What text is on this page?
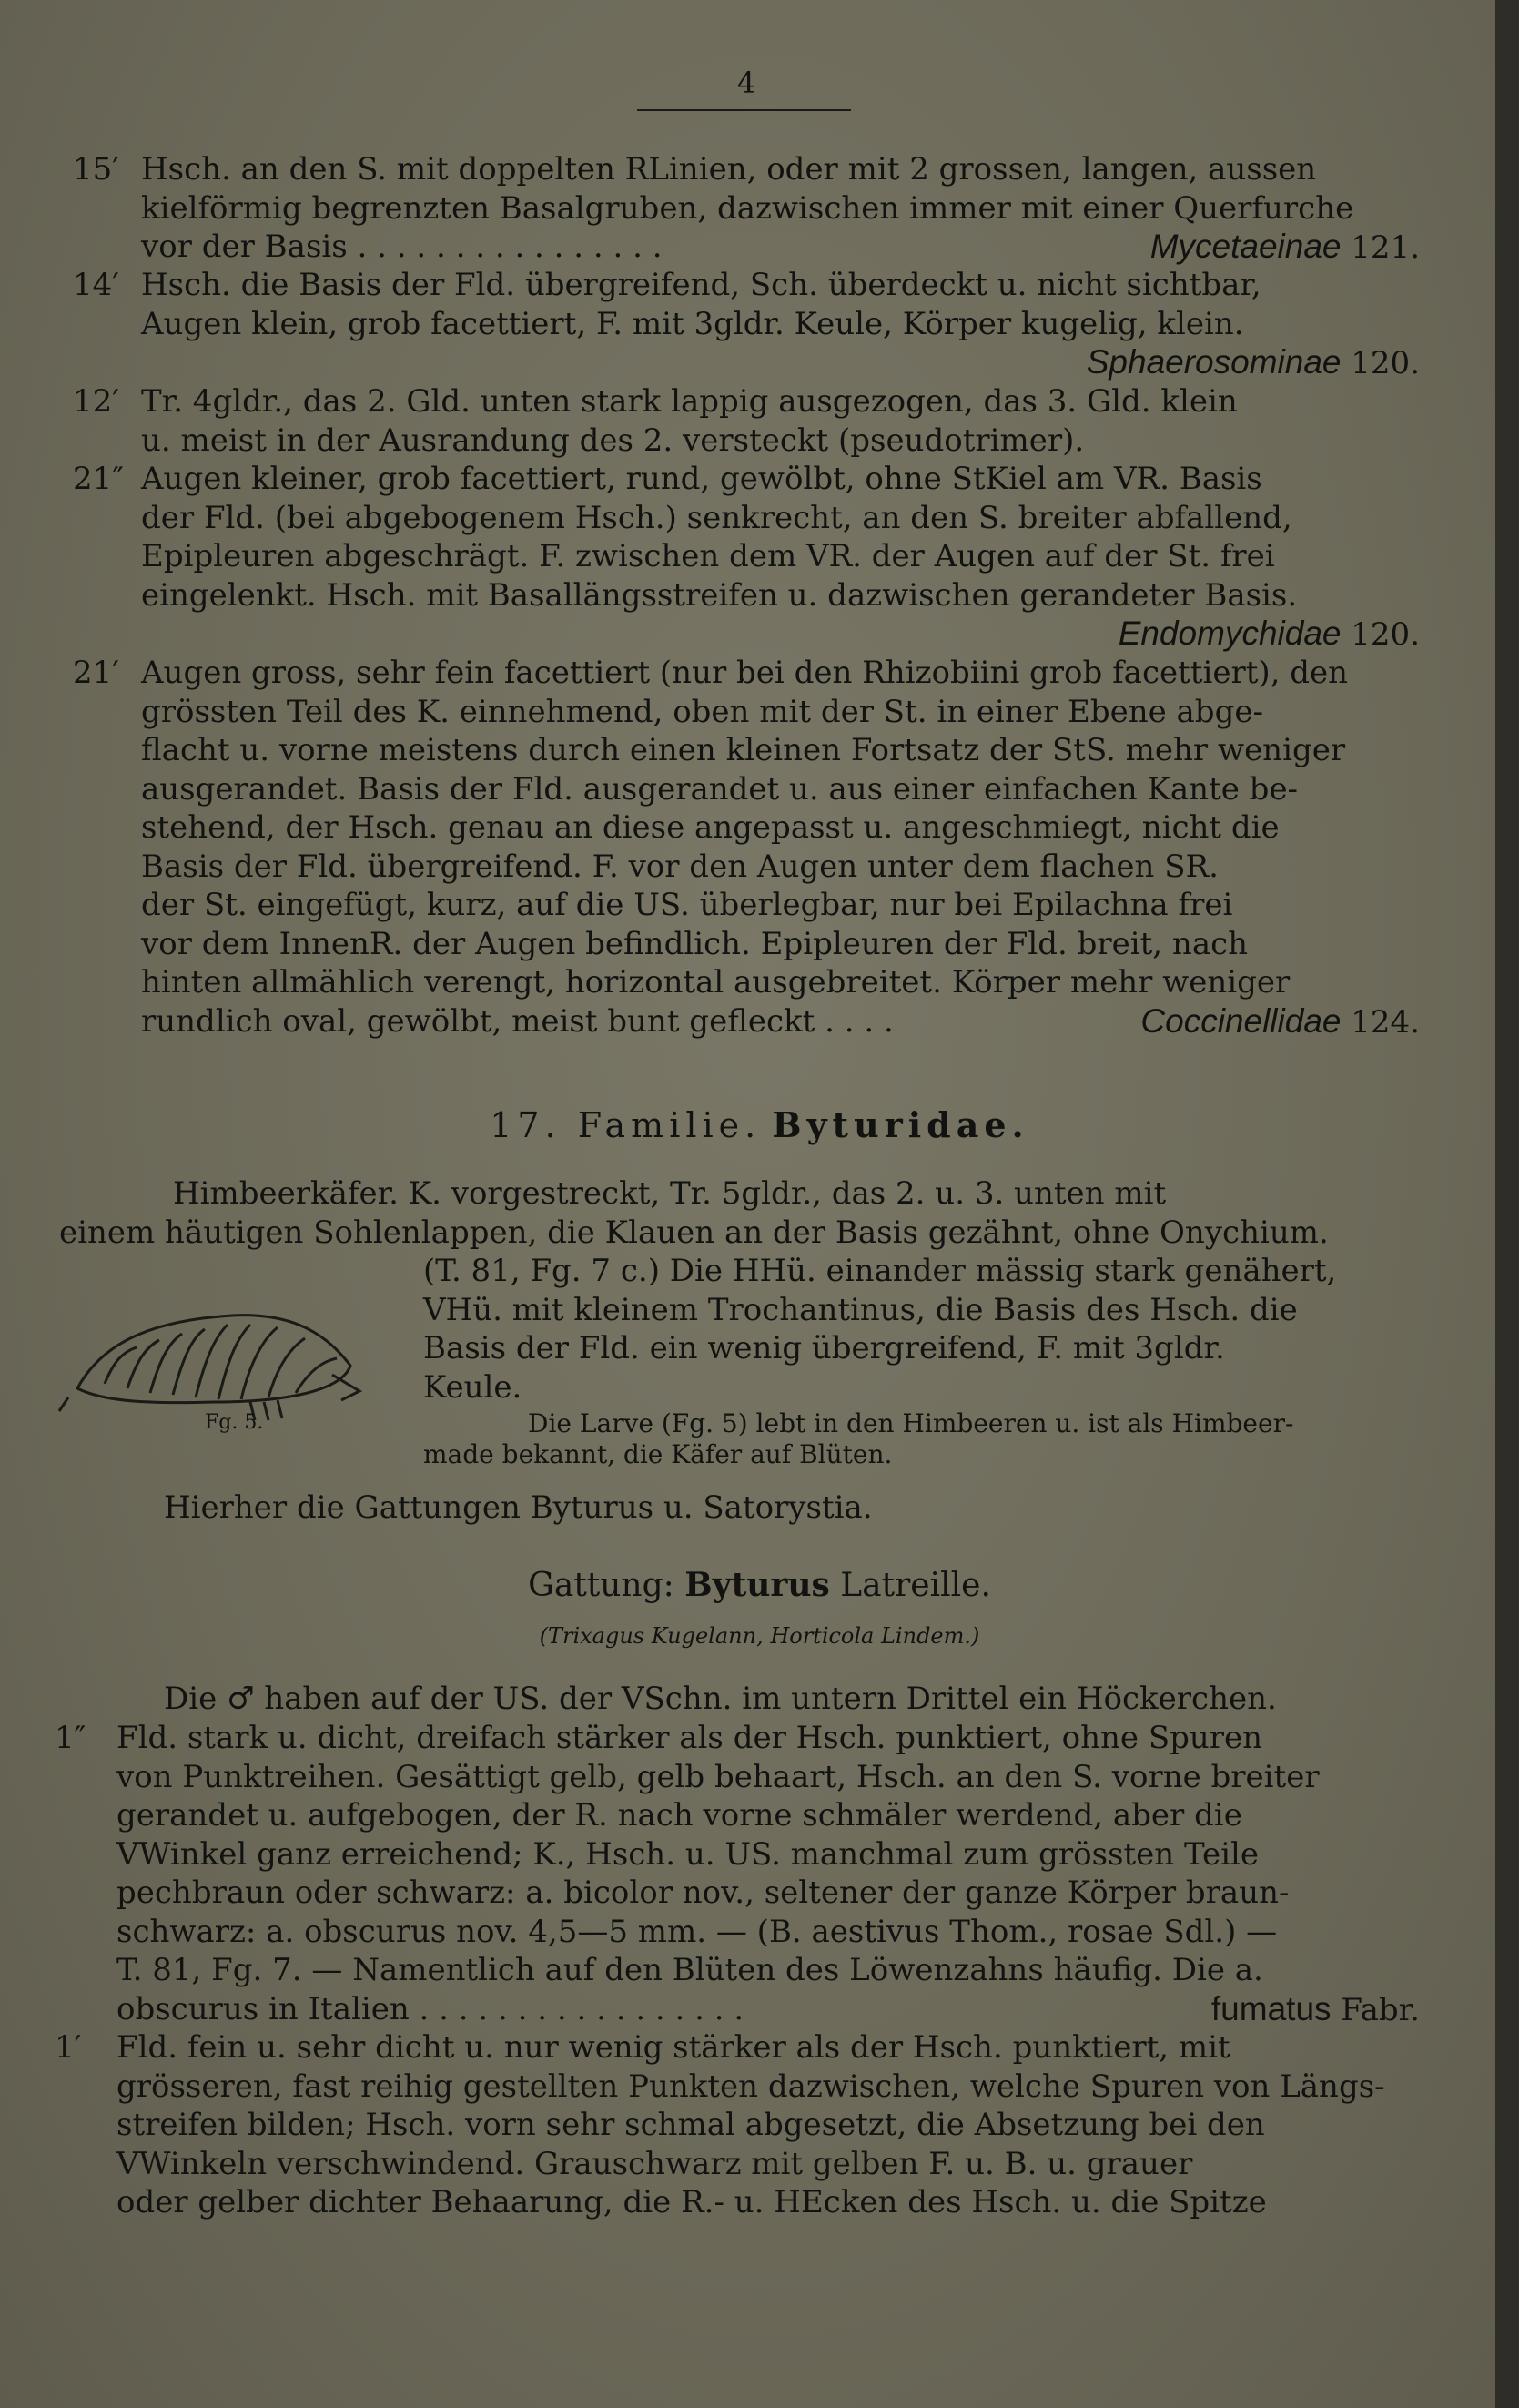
4
15′ Hsch. an den S. mit doppelten RLinien, oder mit 2 grossen, langen, aussen
kielförmig begrenzten Basalgruben, dazwischen immer mit einer Querfurche
vor der Basis . . . . . . . . . . . . . . . .	Mycetaeinae 121.
14′ Hsch. die Basis der Fld. übergreifend, Sch. überdeckt u. nicht sichtbar,
Augen klein, grob facettiert, F. mit 3gldr. Keule, Körper kugelig, klein.
Sphaerosominae 120.
12′ Tr. 4gldr., das 2. Gld. unten stark lappig ausgezogen, das 3. Gld. klein
u. meist in der Ausrandung des 2. versteckt (pseudotrimer).
21″ Augen kleiner, grob facettiert, rund, gewölbt, ohne StKiel am VR. Basis
der Fld. (bei abgebogenem Hsch.) senkrecht, an den S. breiter abfallend,
Epipleuren abgeschrägt. F. zwischen dem VR. der Augen auf der St. frei
eingelenkt. Hsch. mit Basallängsstreifen u. dazwischen gerandeter Basis.
Endomychidae 120.
21′ Augen gross, sehr fein facettiert (nur bei den Rhizobiini grob facettiert), den
grössten Teil des K. einnehmend, oben mit der St. in einer Ebene abge-
flacht u. vorne meistens durch einen kleinen Fortsatz der StS. mehr weniger
ausgerandet. Basis der Fld. ausgerandet u. aus einer einfachen Kante be-
stehend, der Hsch. genau an diese angepasst u. angeschmiegt, nicht die
Basis der Fld. übergreifend. F. vor den Augen unter dem flachen SR.
der St. eingefügt, kurz, auf die US. überlegbar, nur bei Epilachna frei
vor dem InnenR. der Augen befindlich. Epipleuren der Fld. breit, nach
hinten allmählich verengt, horizontal ausgebreitet. Körper mehr weniger
rundlich oval, gewölbt, meist bunt gefleckt . . . .	Coccinellidae 124.
17. Familie. Byturidae.
Himbeerkäfer. K. vorgestreckt, Tr. 5gldr., das 2. u. 3. unten mit
einem häutigen Sohlenlappen, die Klauen an der Basis gezähnt, ohne Onychium.
(T. 81, Fg. 7 c.) Die HHü. einander mässig stark genähert,
VHü. mit kleinem Trochantinus, die Basis des Hsch. die
Basis der Fld. ein wenig übergreifend, F. mit 3gldr.
Keule.
Fg. 5.	Die Larve (Fg. 5) lebt in den Himbeeren u. ist als Himbeer-
made bekannt, die Käfer auf Blüten.
Hierher die Gattungen Byturus u. Satorystia.
Gattung: Byturus Latreille.
(Trixagus Kugelann, Horticola Lindem.)
Die ♂ haben auf der US. der VSchn. im untern Drittel ein Höckerchen.
1″ Fld. stark u. dicht, dreifach stärker als der Hsch. punktiert, ohne Spuren
von Punktreihen. Gesättigt gelb, gelb behaart, Hsch. an den S. vorne breiter
gerandet u. aufgebogen, der R. nach vorne schmäler werdend, aber die
VWinkel ganz erreichend; K., Hsch. u. US. manchmal zum grössten Teile
pechbraun oder schwarz: a. bicolor nov., seltener der ganze Körper braun-
schwarz: a. obscurus nov. 4,5—5 mm. — (B. aestivus Thom., rosae Sdl.) —
T. 81, Fg. 7. — Namentlich auf den Blüten des Löwenzahns häufig. Die a.
obscurus in Italien . . . . . . . . . . . . . . . . .	fumatus Fabr.
1′ Fld. fein u. sehr dicht u. nur wenig stärker als der Hsch. punktiert, mit
grösseren, fast reihig gestellten Punkten dazwischen, welche Spuren von Längs-
streifen bilden; Hsch. vorn sehr schmal abgesetzt, die Absetzung bei den
VWinkeln verschwindend. Grauschwarz mit gelben F. u. B. u. grauer
oder gelber dichter Behaarung, die R.- u. HEcken des Hsch. u. die Spitze
